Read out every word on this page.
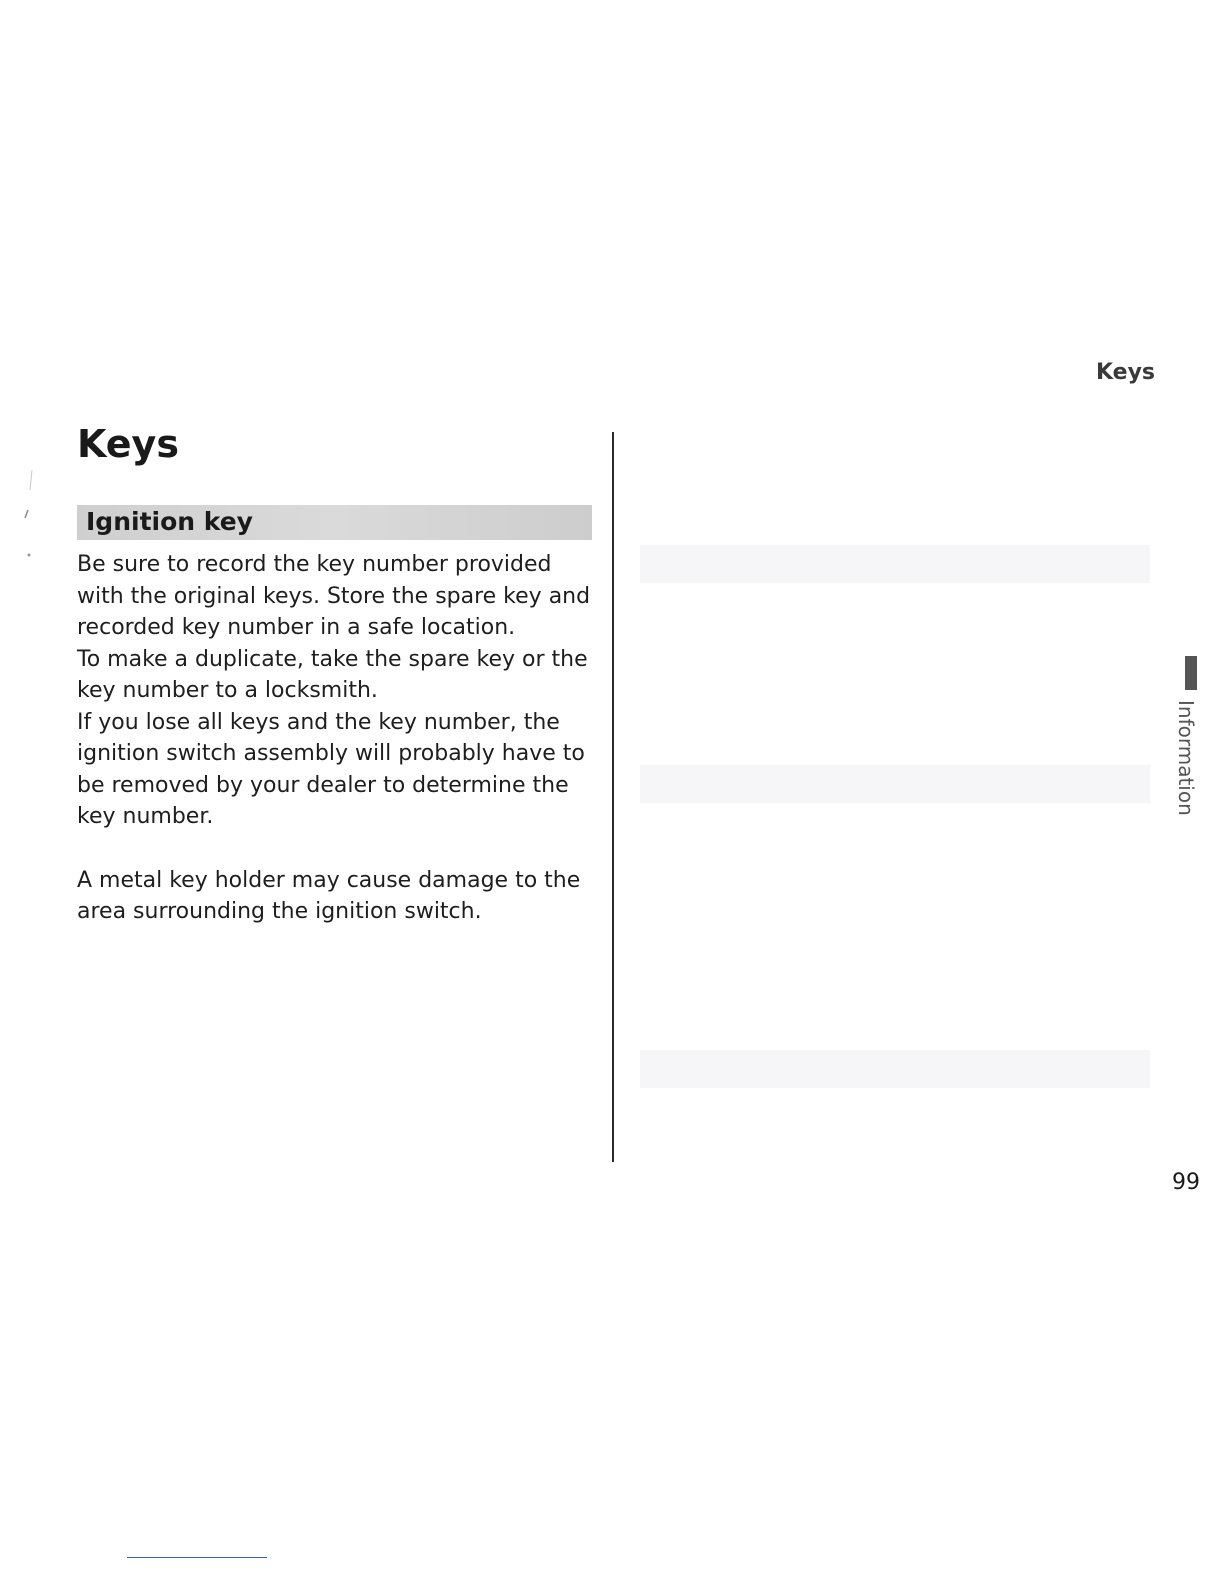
Keys
Keys
Ignition key

Be sure to record the key number provided with the original keys. Store the spare key and recorded key number in a safe location.

To make a duplicate, take the spare key or the key number to a locksmith.

If you lose all keys and the key number, the ignition switch assembly will probably have to be removed by your dealer to determine the key number.

A metal key holder may cause damage to the area surrounding the ignition switch.

Information
99
